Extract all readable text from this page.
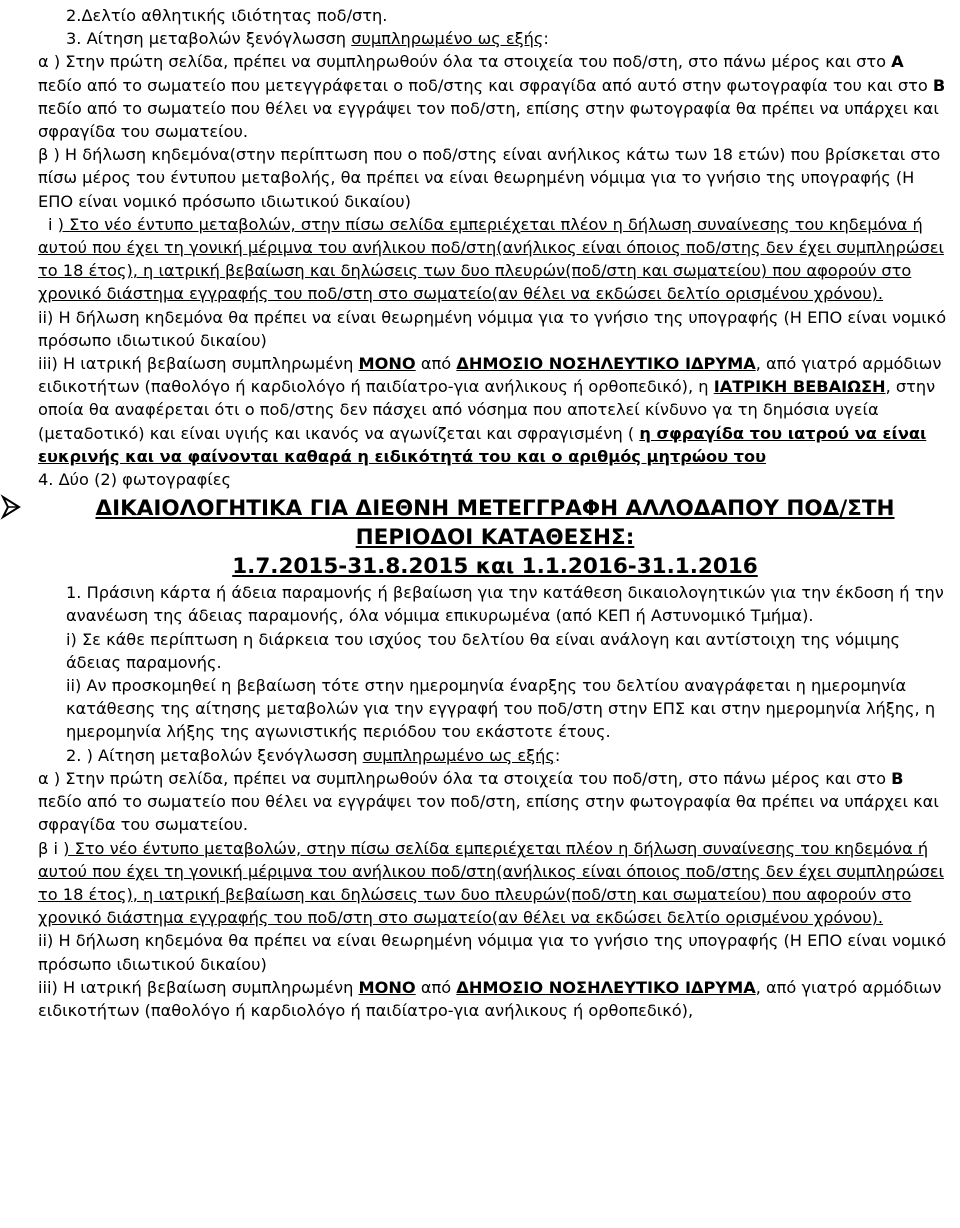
2.Δελτίο αθλητικής ιδιότητας ποδ/στη.

3. Αίτηση μεταβολών ξενόγλωσση συμπληρωμένο ως εξής:

α ) Στην πρώτη σελίδα, πρέπει να συμπληρωθούν όλα τα στοιχεία του ποδ/στη, στο πάνω μέρος και στο Α πεδίο από το σωματείο που μετεγγράφεται ο ποδ/στης και σφραγίδα από αυτό στην φωτογραφία του και στο Β πεδίο από το σωματείο που θέλει να εγγράψει τον ποδ/στη, επίσης στην φωτογραφία θα πρέπει να υπάρχει και σφραγίδα του σωματείου.

β ) Η δήλωση κηδεμόνα(στην περίπτωση που ο ποδ/στης είναι ανήλικος κάτω των 18 ετών) που βρίσκεται στο πίσω μέρος του έντυπου μεταβολής, θα πρέπει να είναι θεωρημένη νόμιμα για το γνήσιο της υπογραφής (Η ΕΠΟ είναι νομικό πρόσωπο ιδιωτικού δικαίου)

i ) Στο νέο έντυπο μεταβολών, στην πίσω σελίδα εμπεριέχεται πλέον η δήλωση συναίνεσης του κηδεμόνα ή αυτού που έχει τη γονική μέριμνα του ανήλικου ποδ/στη(ανήλικος είναι όποιος ποδ/στης δεν έχει συμπληρώσει το 18 έτος), η ιατρική βεβαίωση και δηλώσεις των δυο πλευρών(ποδ/στη και σωματείου) που αφορούν στο χρονικό διάστημα εγγραφής του ποδ/στη στο σωματείο(αν θέλει να εκδώσει δελτίο ορισμένου χρόνου).

ii) Η δήλωση κηδεμόνα θα πρέπει να είναι θεωρημένη νόμιμα για το γνήσιο της υπογραφής (Η ΕΠΟ είναι νομικό πρόσωπο ιδιωτικού δικαίου)

iii) Η ιατρική βεβαίωση συμπληρωμένη ΜΟΝΟ από ΔΗΜΟΣΙΟ ΝΟΣΗΛΕΥΤΙΚΟ ΙΔΡΥΜΑ, από γιατρό αρμόδιων ειδικοτήτων (παθολόγο ή καρδιολόγο ή παιδίατρο-για ανήλικους ή ορθοπεδικό), η ΙΑΤΡΙΚΗ ΒΕΒΑΙΩΣΗ, στην οποία θα αναφέρεται ότι ο ποδ/στης δεν πάσχει από νόσημα που αποτελεί κίνδυνο γα τη δημόσια υγεία (μεταδοτικό) και είναι υγιής και ικανός να αγωνίζεται και σφραγισμένη ( η σφραγίδα του ιατρού να είναι ευκρινής και να φαίνονται καθαρά η ειδικότητά του και ο αριθμός μητρώου του

4. Δύο (2) φωτογραφίες

ΔΙΚΑΙΟΛΟΓΗΤΙΚΑ ΓΙΑ ΔΙΕΘΝΗ ΜΕΤΕΓΓΡΑΦΗ ΑΛΛΟΔΑΠΟΥ ΠΟΔ/ΣΤΗ

ΠΕΡΙΟΔΟΙ ΚΑΤΑΘΕΣΗΣ:

1.7.2015-31.8.2015 και 1.1.2016-31.1.2016

1. Πράσινη κάρτα ή άδεια παραμονής ή βεβαίωση για την κατάθεση δικαιολογητικών για την έκδοση ή την ανανέωση της άδειας παραμονής, όλα νόμιμα επικυρωμένα (από ΚΕΠ ή Αστυνομικό Τμήμα).

i) Σε κάθε περίπτωση η διάρκεια του ισχύος του δελτίου θα είναι ανάλογη και αντίστοιχη της νόμιμης άδειας παραμονής.

ii) Αν προσκομηθεί η βεβαίωση τότε στην ημερομηνία έναρξης του δελτίου αναγράφεται η ημερομηνία κατάθεσης της αίτησης μεταβολών για την εγγραφή του ποδ/στη στην ΕΠΣ και στην ημερομηνία λήξης, η ημερομηνία λήξης της αγωνιστικής περιόδου του εκάστοτε έτους.

2. ) Αίτηση μεταβολών ξενόγλωσση συμπληρωμένο ως εξής:

α ) Στην πρώτη σελίδα, πρέπει να συμπληρωθούν όλα τα στοιχεία του ποδ/στη, στο πάνω μέρος και στο Β πεδίο από το σωματείο που θέλει να εγγράψει τον ποδ/στη, επίσης στην φωτογραφία θα πρέπει να υπάρχει και σφραγίδα του σωματείου.

β i ) Στο νέο έντυπο μεταβολών, στην πίσω σελίδα εμπεριέχεται πλέον η δήλωση συναίνεσης του κηδεμόνα ή αυτού που έχει τη γονική μέριμνα του ανήλικου ποδ/στη(ανήλικος είναι όποιος ποδ/στης δεν έχει συμπληρώσει το 18 έτος), η ιατρική βεβαίωση και δηλώσεις των δυο πλευρών(ποδ/στη και σωματείου) που αφορούν στο χρονικό διάστημα εγγραφής του ποδ/στη στο σωματείο(αν θέλει να εκδώσει δελτίο ορισμένου χρόνου).

ii) Η δήλωση κηδεμόνα θα πρέπει να είναι θεωρημένη νόμιμα για το γνήσιο της υπογραφής (Η ΕΠΟ είναι νομικό πρόσωπο ιδιωτικού δικαίου)

iii) Η ιατρική βεβαίωση συμπληρωμένη ΜΟΝΟ από ΔΗΜΟΣΙΟ ΝΟΣΗΛΕΥΤΙΚΟ ΙΔΡΥΜΑ, από γιατρό αρμόδιων ειδικοτήτων (παθολόγο ή καρδιολόγο ή παιδίατρο-για ανήλικους ή ορθοπεδικό),
